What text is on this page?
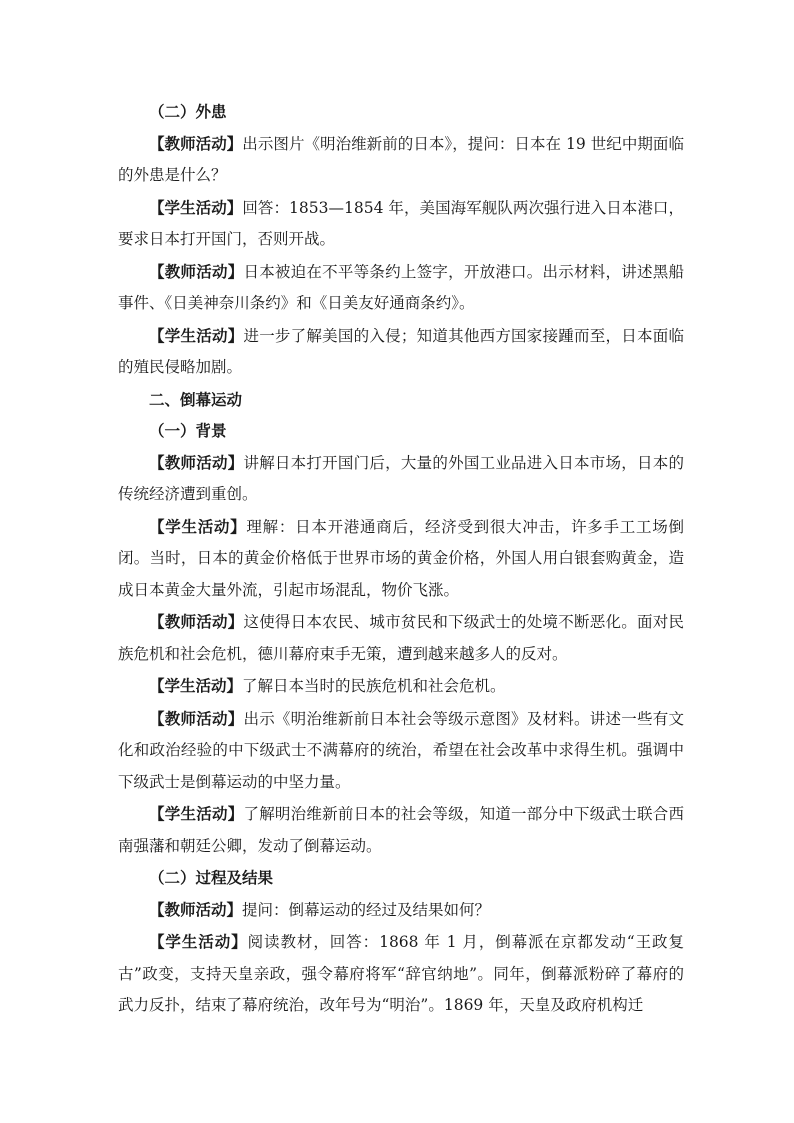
（二）外患

【教师活动】出示图片《明治维新前的日本》，提问：日本在 19 世纪中期面临的外患是什么？

【学生活动】回答：1853—1854 年，美国海军舰队两次强行进入日本港口，要求日本打开国门，否则开战。

【教师活动】日本被迫在不平等条约上签字，开放港口。出示材料，讲述黑船事件、《日美神奈川条约》和《日美友好通商条约》。

【学生活动】进一步了解美国的入侵；知道其他西方国家接踵而至，日本面临的殖民侵略加剧。

二、倒幕运动

（一）背景

【教师活动】讲解日本打开国门后，大量的外国工业品进入日本市场，日本的传统经济遭到重创。

【学生活动】理解：日本开港通商后，经济受到很大冲击，许多手工工场倒闭。当时，日本的黄金价格低于世界市场的黄金价格，外国人用白银套购黄金，造成日本黄金大量外流，引起市场混乱，物价飞涨。

【教师活动】这使得日本农民、城市贫民和下级武士的处境不断恶化。面对民族危机和社会危机，德川幕府束手无策，遭到越来越多人的反对。

【学生活动】了解日本当时的民族危机和社会危机。

【教师活动】出示《明治维新前日本社会等级示意图》及材料。讲述一些有文化和政治经验的中下级武士不满幕府的统治，希望在社会改革中求得生机。强调中下级武士是倒幕运动的中坚力量。

【学生活动】了解明治维新前日本的社会等级，知道一部分中下级武士联合西南强藩和朝廷公卿，发动了倒幕运动。

（二）过程及结果

【教师活动】提问：倒幕运动的经过及结果如何？

【学生活动】阅读教材，回答：1868 年 1 月，倒幕派在京都发动“王政复古”政变，支持天皇亲政，强令幕府将军“辞官纳地”。同年，倒幕派粉碎了幕府的武力反扑，结束了幕府统治，改年号为“明治”。1869 年，天皇及政府机构迁
